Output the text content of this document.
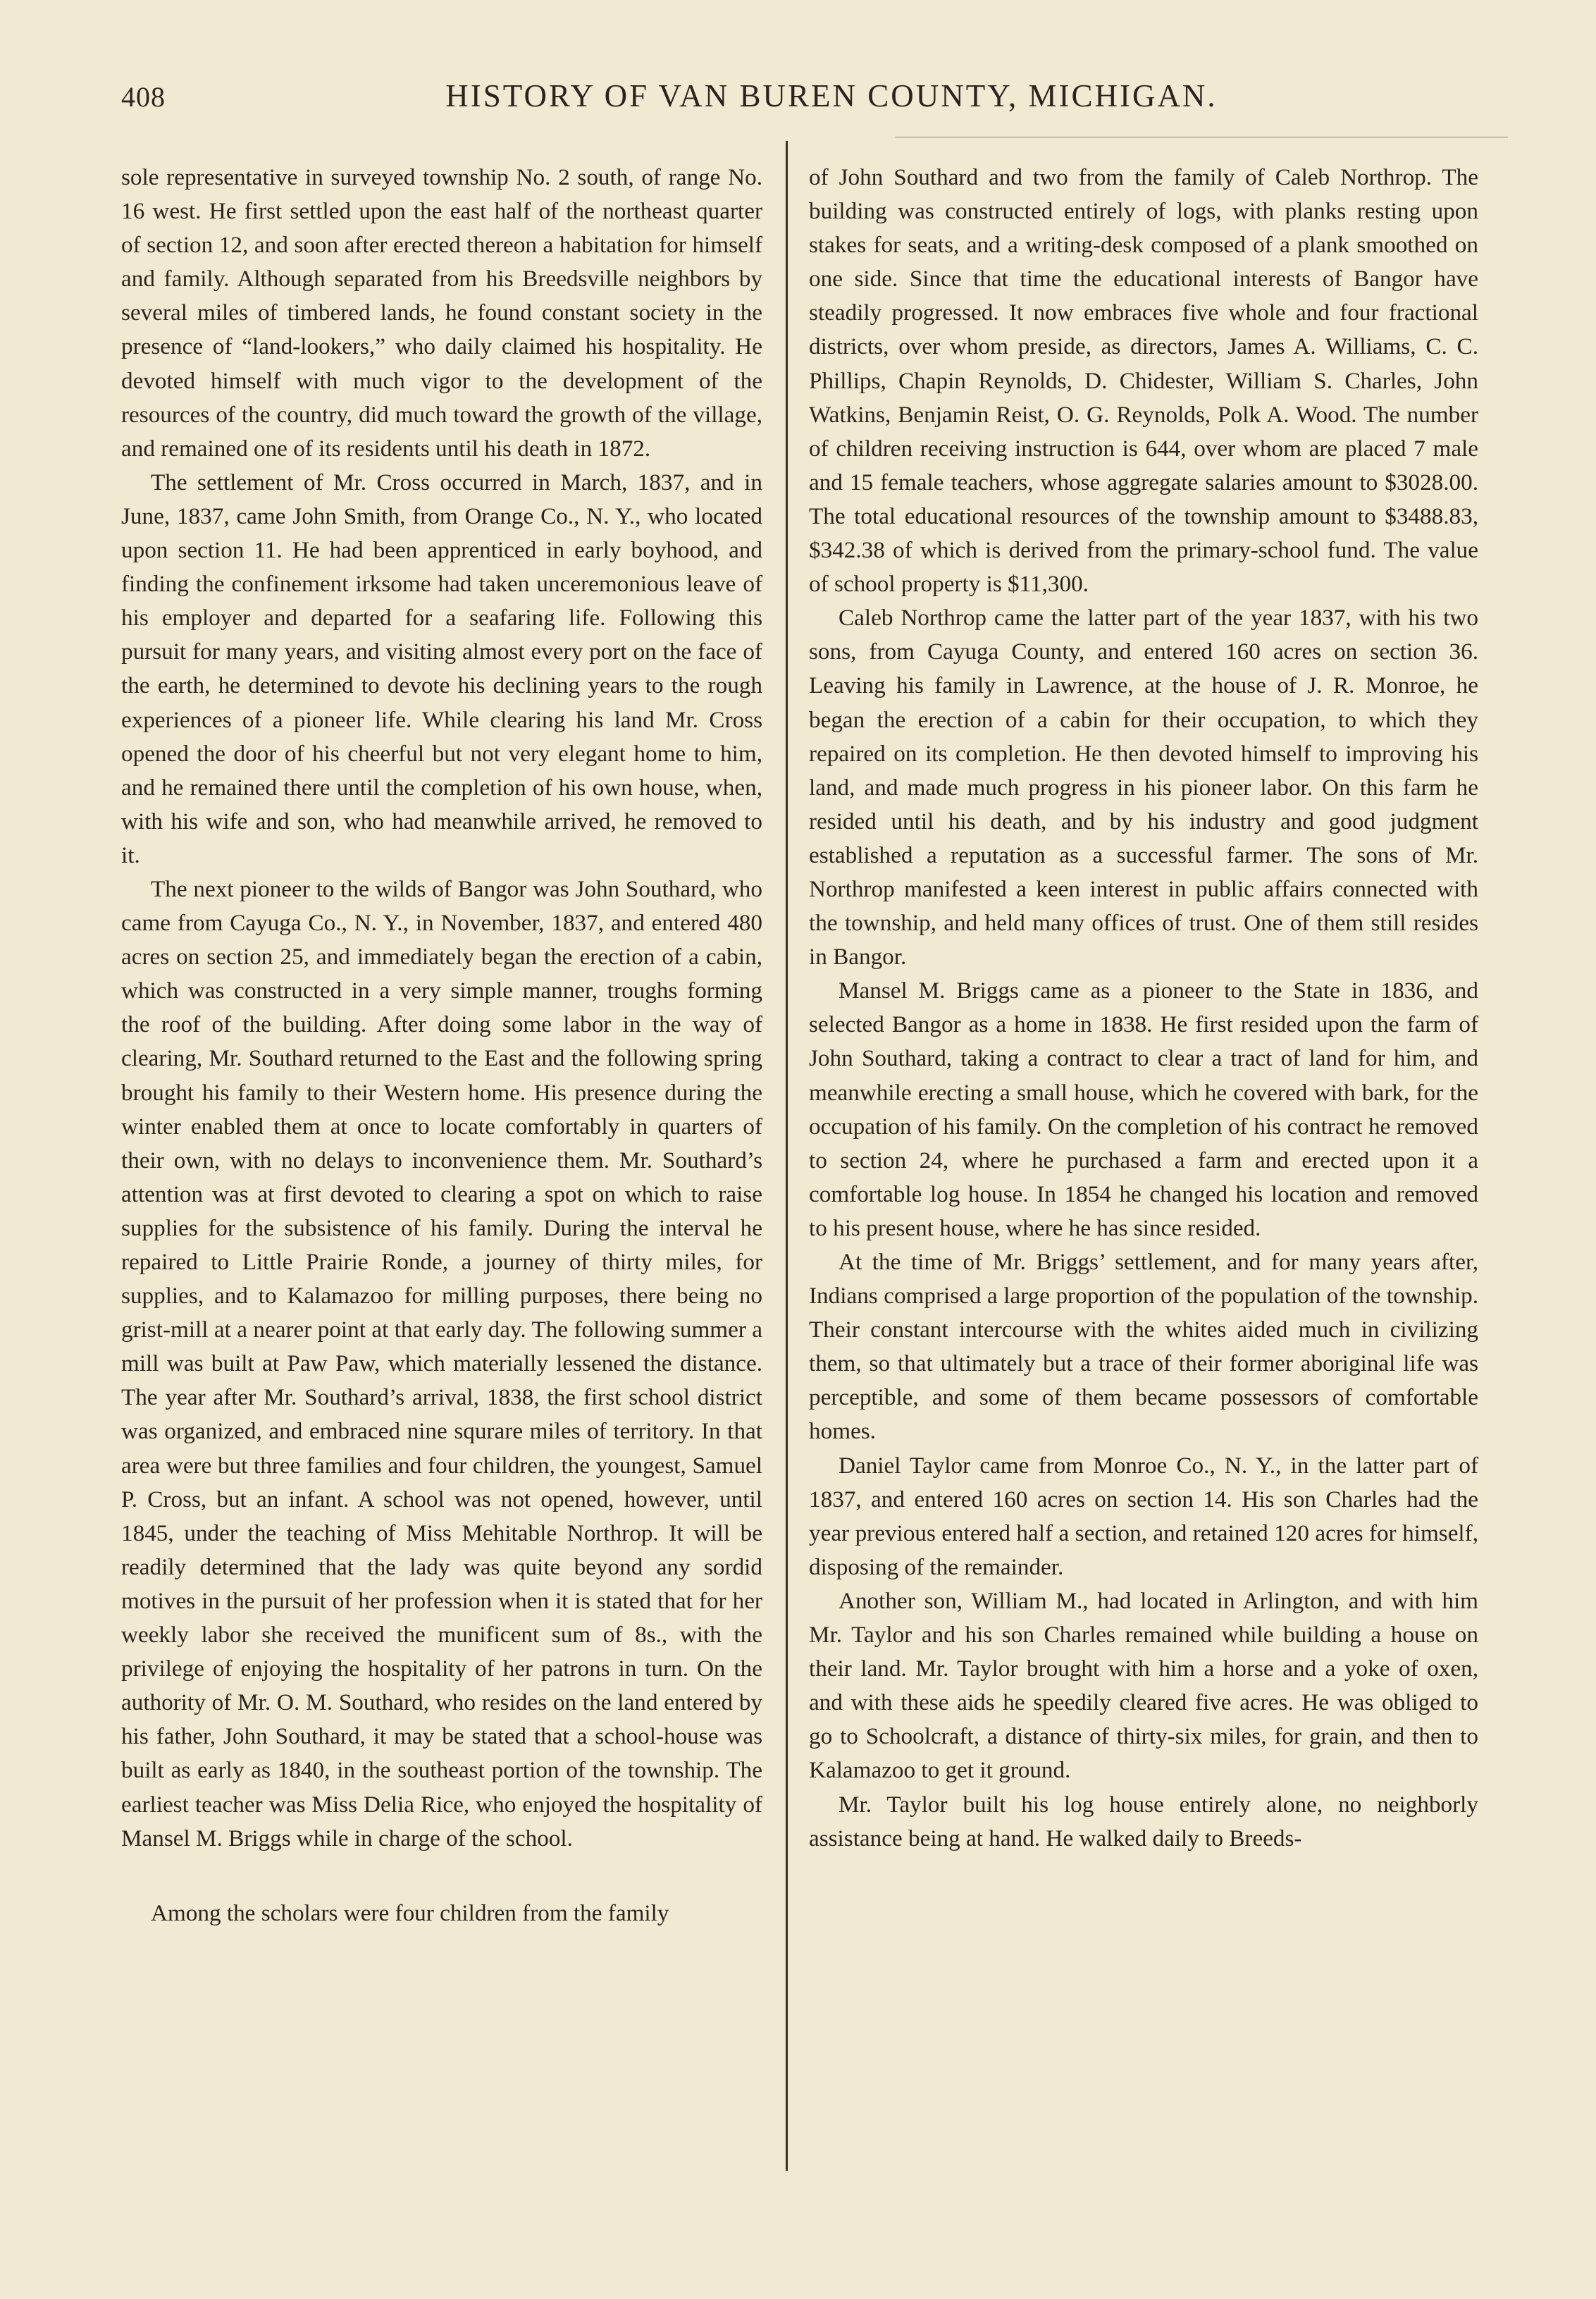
408	HISTORY OF VAN BUREN COUNTY, MICHIGAN.

sole representative in surveyed township No. 2 south, of range No. 16 west. He first settled upon the east half of the northeast quarter of section 12, and soon after erected thereon a habitation for himself and family. Although separated from his Breedsville neighbors by several miles of timbered lands, he found constant society in the presence of “land-lookers,” who daily claimed his hospitality. He devoted himself with much vigor to the development of the resources of the country, did much toward the growth of the village, and remained one of its residents until his death in 1872.

The settlement of Mr. Cross occurred in March, 1837, and in June, 1837, came John Smith, from Orange Co., N. Y., who located upon section 11. He had been apprenticed in early boyhood, and finding the confinement irksome had taken unceremonious leave of his employer and departed for a seafaring life. Following this pursuit for many years, and visiting almost every port on the face of the earth, he determined to devote his declining years to the rough experiences of a pioneer life. While clearing his land Mr. Cross opened the door of his cheerful but not very elegant home to him, and he remained there until the completion of his own house, when, with his wife and son, who had meanwhile arrived, he removed to it.

The next pioneer to the wilds of Bangor was John Southard, who came from Cayuga Co., N. Y., in November, 1837, and entered 480 acres on section 25, and immediately began the erection of a cabin, which was constructed in a very simple manner, troughs forming the roof of the building. After doing some labor in the way of clearing, Mr. Southard returned to the East and the following spring brought his family to their Western home. His presence during the winter enabled them at once to locate comfortably in quarters of their own, with no delays to inconvenience them. Mr. Southard’s attention was at first devoted to clearing a spot on which to raise supplies for the subsistence of his family. During the interval he repaired to Little Prairie Ronde, a journey of thirty miles, for supplies, and to Kalamazoo for milling purposes, there being no grist-mill at a nearer point at that early day. The following summer a mill was built at Paw Paw, which materially lessened the distance. The year after Mr. Southard’s arrival, 1838, the first school district was organized, and embraced nine squrare miles of territory. In that area were but three families and four children, the youngest, Samuel P. Cross, but an infant. A school was not opened, however, until 1845, under the teaching of Miss Mehitable Northrop. It will be readily determined that the lady was quite beyond any sordid motives in the pursuit of her profession when it is stated that for her weekly labor she received the munificent sum of 8s., with the privilege of enjoying the hospitality of her patrons in turn. On the authority of Mr. O. M. Southard, who resides on the land entered by his father, John Southard, it may be stated that a school-house was built as early as 1840, in the southeast portion of the township. The earliest teacher was Miss Delia Rice, who enjoyed the hospitality of Mansel M. Briggs while in charge of the school.

Among the scholars were four children from the family

of John Southard and two from the family of Caleb Northrop. The building was constructed entirely of logs, with planks resting upon stakes for seats, and a writing-desk composed of a plank smoothed on one side. Since that time the educational interests of Bangor have steadily progressed. It now embraces five whole and four fractional districts, over whom preside, as directors, James A. Williams, C. C. Phillips, Chapin Reynolds, D. Chidester, William S. Charles, John Watkins, Benjamin Reist, O. G. Reynolds, Polk A. Wood. The number of children receiving instruction is 644, over whom are placed 7 male and 15 female teachers, whose aggregate salaries amount to $3028.00. The total educational resources of the township amount to $3488.83, $342.38 of which is derived from the primary-school fund. The value of school property is $11,300.

Caleb Northrop came the latter part of the year 1837, with his two sons, from Cayuga County, and entered 160 acres on section 36. Leaving his family in Lawrence, at the house of J. R. Monroe, he began the erection of a cabin for their occupation, to which they repaired on its completion. He then devoted himself to improving his land, and made much progress in his pioneer labor. On this farm he resided until his death, and by his industry and good judgment established a reputation as a successful farmer. The sons of Mr. Northrop manifested a keen interest in public affairs connected with the township, and held many offices of trust. One of them still resides in Bangor.

Mansel M. Briggs came as a pioneer to the State in 1836, and selected Bangor as a home in 1838. He first resided upon the farm of John Southard, taking a contract to clear a tract of land for him, and meanwhile erecting a small house, which he covered with bark, for the occupation of his family. On the completion of his contract he removed to section 24, where he purchased a farm and erected upon it a comfortable log house. In 1854 he changed his location and removed to his present house, where he has since resided.

At the time of Mr. Briggs’ settlement, and for many years after, Indians comprised a large proportion of the population of the township. Their constant intercourse with the whites aided much in civilizing them, so that ultimately but a trace of their former aboriginal life was perceptible, and some of them became possessors of comfortable homes.

Daniel Taylor came from Monroe Co., N. Y., in the latter part of 1837, and entered 160 acres on section 14. His son Charles had the year previous entered half a section, and retained 120 acres for himself, disposing of the remainder.

Another son, William M., had located in Arlington, and with him Mr. Taylor and his son Charles remained while building a house on their land. Mr. Taylor brought with him a horse and a yoke of oxen, and with these aids he speedily cleared five acres. He was obliged to go to Schoolcraft, a distance of thirty-six miles, for grain, and then to Kalamazoo to get it ground.

Mr. Taylor built his log house entirely alone, no neighborly assistance being at hand. He walked daily to Breeds-
